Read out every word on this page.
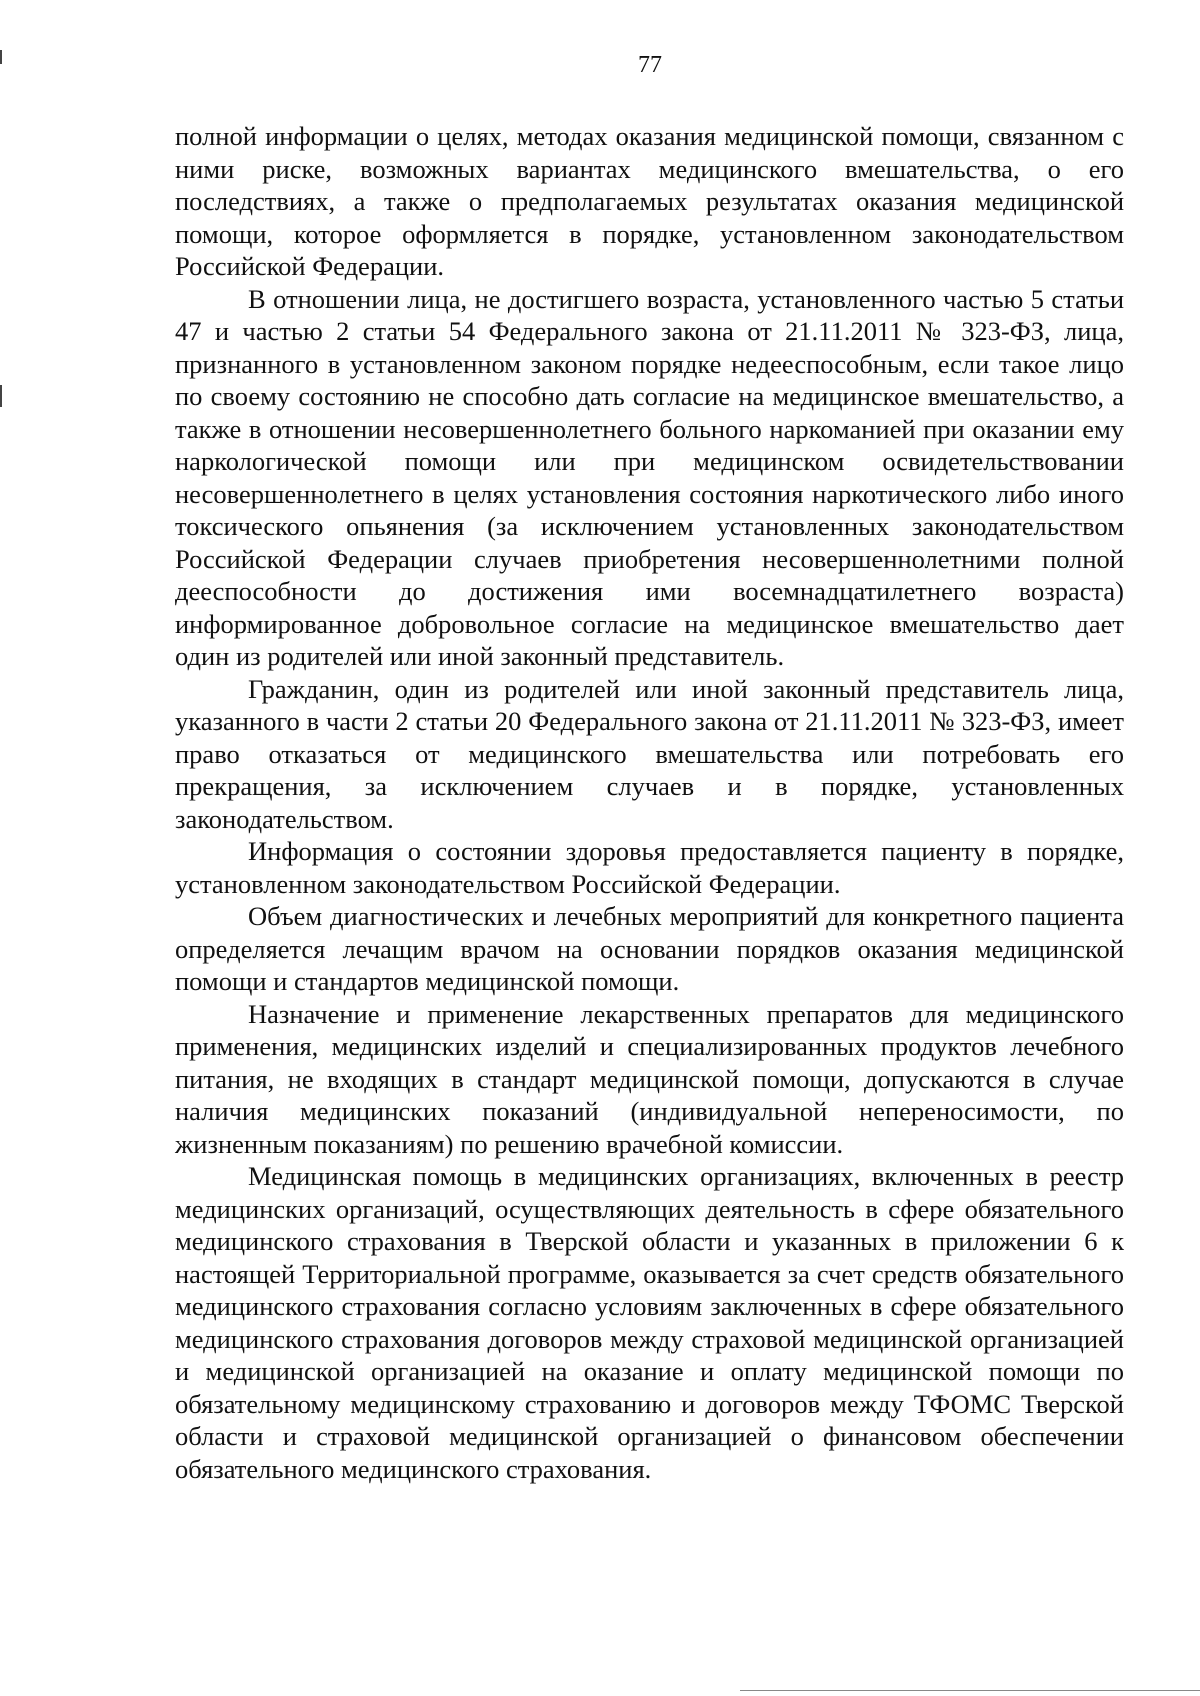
77

полной информации о целях, методах оказания медицинской помощи, связанном с ними риске, возможных вариантах медицинского вмешательства, о его последствиях, а также о предполагаемых результатах оказания медицинской помощи, которое оформляется в порядке, установленном законодательством Российской Федерации.

В отношении лица, не достигшего возраста, установленного частью 5 статьи 47 и частью 2 статьи 54 Федерального закона от 21.11.2011 № 323-ФЗ, лица, признанного в установленном законом порядке недееспособным, если такое лицо по своему состоянию не способно дать согласие на медицинское вмешательство, а также в отношении несовершеннолетнего больного наркоманией при оказании ему наркологической помощи или при медицинском освидетельствовании несовершеннолетнего в целях установления состояния наркотического либо иного токсического опьянения (за исключением установленных законодательством Российской Федерации случаев приобретения несовершеннолетними полной дееспособности до достижения ими восемнадцатилетнего возраста) информированное добровольное согласие на медицинское вмешательство дает один из родителей или иной законный представитель.

Гражданин, один из родителей или иной законный представитель лица, указанного в части 2 статьи 20 Федерального закона от 21.11.2011 № 323-ФЗ, имеет право отказаться от медицинского вмешательства или потребовать его прекращения, за исключением случаев и в порядке, установленных законодательством.

Информация о состоянии здоровья предоставляется пациенту в порядке, установленном законодательством Российской Федерации.

Объем диагностических и лечебных мероприятий для конкретного пациента определяется лечащим врачом на основании порядков оказания медицинской помощи и стандартов медицинской помощи.

Назначение и применение лекарственных препаратов для медицинского применения, медицинских изделий и специализированных продуктов лечебного питания, не входящих в стандарт медицинской помощи, допускаются в случае наличия медицинских показаний (индивидуальной непереносимости, по жизненным показаниям) по решению врачебной комиссии.

Медицинская помощь в медицинских организациях, включенных в реестр медицинских организаций, осуществляющих деятельность в сфере обязательного медицинского страхования в Тверской области и указанных в приложении 6 к настоящей Территориальной программе, оказывается за счет средств обязательного медицинского страхования согласно условиям заключенных в сфере обязательного медицинского страхования договоров между страховой медицинской организацией и медицинской организацией на оказание и оплату медицинской помощи по обязательному медицинскому страхованию и договоров между ТФОМС Тверской области и страховой медицинской организацией о финансовом обеспечении обязательного медицинского страхования.
